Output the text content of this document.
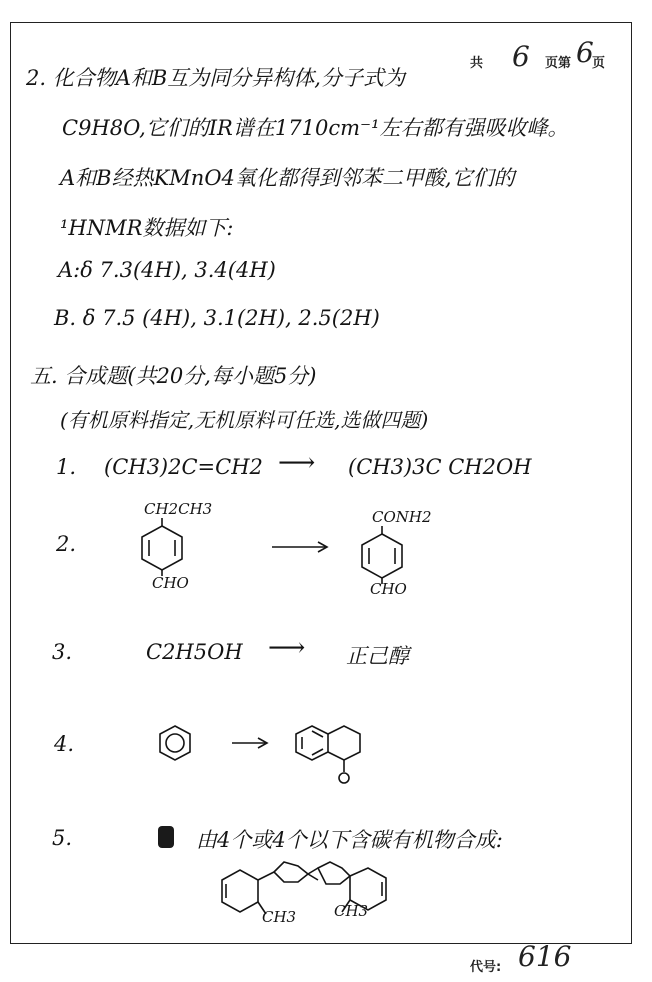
共 6 页第 6
页
2. 化合物A和B互为同分异构体,分子式为
C9H8O,它们的IR谱在1710cm⁻¹左右都有强吸收峰。
A和B经热KMnO4氧化都得到邻苯二甲酸,它们的
¹HNMR数据如下:
A:δ 7.3(4H), 3.4(4H)
B. δ 7.5 (4H), 3.1(2H), 2.5(2H)
五. 合成题(共20分,每小题5分)
(有机原料指定,无机原料可任选,选做四题)
1. (CH3)2C=CH2 ⟶ (CH3)3C CH2OH
2.
CH2CH3
CHO
CONH2
CHO
3.	C2H5OH ⟶ 正己醇
4.
5.	由4个或4个以下含碳有机物合成:
CH3	CH3
代号: 616
